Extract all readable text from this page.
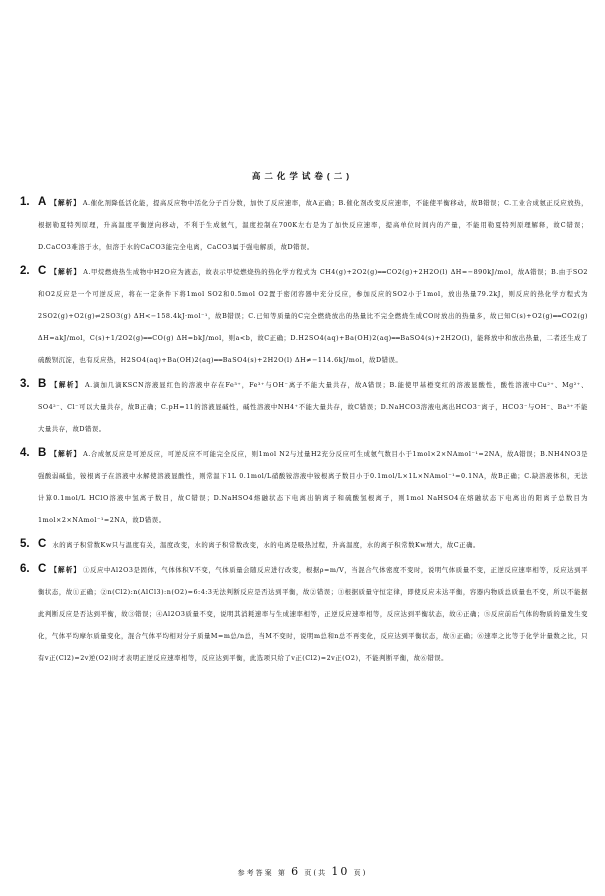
高二化学试卷(二)
1. A 【解析】 A.催化剂降低活化能，提高反应物中活化分子百分数，加快了反应速率，故A正确；B.催化剂改变反应速率，不能使平衡移动，故B错误；C.工业合成氨正反应放热，根据勒夏特列原理，升高温度平衡逆向移动，不利于生成氨气，温度控制在700K左右是为了加快反应速率，提高单位时间内的产量，不能用勒夏特列原理解释，故C错误；D.CaCO3难溶于水，但溶于水的CaCO3能完全电离，CaCO3属于强电解质，故D错误。
2. C 【解析】 A.甲烷燃烧热生成物中H2O应为液态，故表示甲烷燃烧热的热化学方程式为 CH4(g)+2O2(g)══CO2(g)+2H2O(l) ΔH=−890kJ/mol，故A错误；B.由于SO2和O2反应是一个可逆反应，将在一定条件下将1mol SO2和0.5mol O2置于密闭容器中充分反应，参加反应的SO2小于1mol，放出热量79.2kJ，则反应的热化学方程式为 2SO2(g)+O2(g)⇌2SO3(g) ΔH<−158.4kJ·mol⁻¹，故B错误；C.已知等质量的C完全燃烧放出的热量比不完全燃烧生成CO时放出的热量多，故已知C(s)+O2(g)══CO2(g) ΔH=akJ/mol，C(s)+1/2O2(g)══CO(g) ΔH=bkJ/mol，则a<b，故C正确；D.H2SO4(aq)+Ba(OH)2(aq)══BaSO4(s)+2H2O(l)，能释放中和放出热量，二者还生成了硫酸钡沉淀，也有反应热，H2SO4(aq)+Ba(OH)2(aq)══BaSO4(s)+2H2O(l) ΔH≠−114.6kJ/mol，故D错误。
3. B 【解析】 A.滴加几滴KSCN溶液显红色的溶液中存在Fe³⁺，Fe³⁺与OH⁻离子不能大量共存，故A错误；B.能使甲基橙变红的溶液显酸性，酸性溶液中Cu²⁺、Mg²⁺、SO4²⁻、Cl⁻可以大量共存，故B正确；C.pH=11的溶液显碱性，碱性溶液中NH4⁺不能大量共存，故C错误；D.NaHCO3溶液电离出HCO3⁻离子，HCO3⁻与OH⁻、Ba²⁺不能大量共存，故D错误。
4. B 【解析】 A.合成氨反应是可逆反应，可逆反应不可能完全反应，则1mol N2与过量H2充分反应可生成氨气数目小于1mol×2×NAmol⁻¹=2NA，故A错误；B.NH4NO3是强酸弱碱盐，铵根离子在溶液中水解使溶液显酸性，则常温下1L 0.1mol/L硝酸铵溶液中铵根离子数目小于0.1mol/L×1L×NAmol⁻¹=0.1NA，故B正确；C.缺溶液体积，无法计算0.1mol/L HClO溶液中氢离子数目，故C错误；D.NaHSO4熔融状态下电离出钠离子和硫酸氢根离子，则1mol NaHSO4在熔融状态下电离出的阳离子总数目为1mol×2×NAmol⁻¹=2NA，故D错误。
5. C水的离子积常数Kw只与温度有关，温度改变，水的离子积常数改变，水的电离是吸热过程，升高温度，水的离子积常数Kw增大，故C正确。
6. C 【解析】 ①反应中Al2O3是固体，气体体积V不变，气体质量会随反应进行改变，根据ρ=m/V，当混合气体密度不变时，说明气体质量不变，正逆反应速率相等，反应达到平衡状态，故①正确；②n(Cl2):n(AlCl3):n(O2)=6:4:3无法判断反应是否达到平衡，故②错误；③根据质量守恒定律，即使反应未达平衡，容器内物质总质量也不变，所以不能据此判断反应是否达到平衡，故③错误；④Al2O3质量不变，说明其消耗速率与生成速率相等，正逆反应速率相等，反应达到平衡状态，故④正确；⑤反应前后气体的物质的量发生变化，气体平均摩尔质量变化，混合气体平均相对分子质量M=m总/n总，当M不变时，说明m总和n总不再变化，反应达到平衡状态，故⑤正确；⑥速率之比等于化学计量数之比，只有v正(Cl2)=2v逆(O2)时才表明正逆反应速率相等，反应达到平衡，此选项只给了v正(Cl2)=2v正(O2)，不能判断平衡，故⑥错误。
参考答案 第 6 页(共 10 页)
